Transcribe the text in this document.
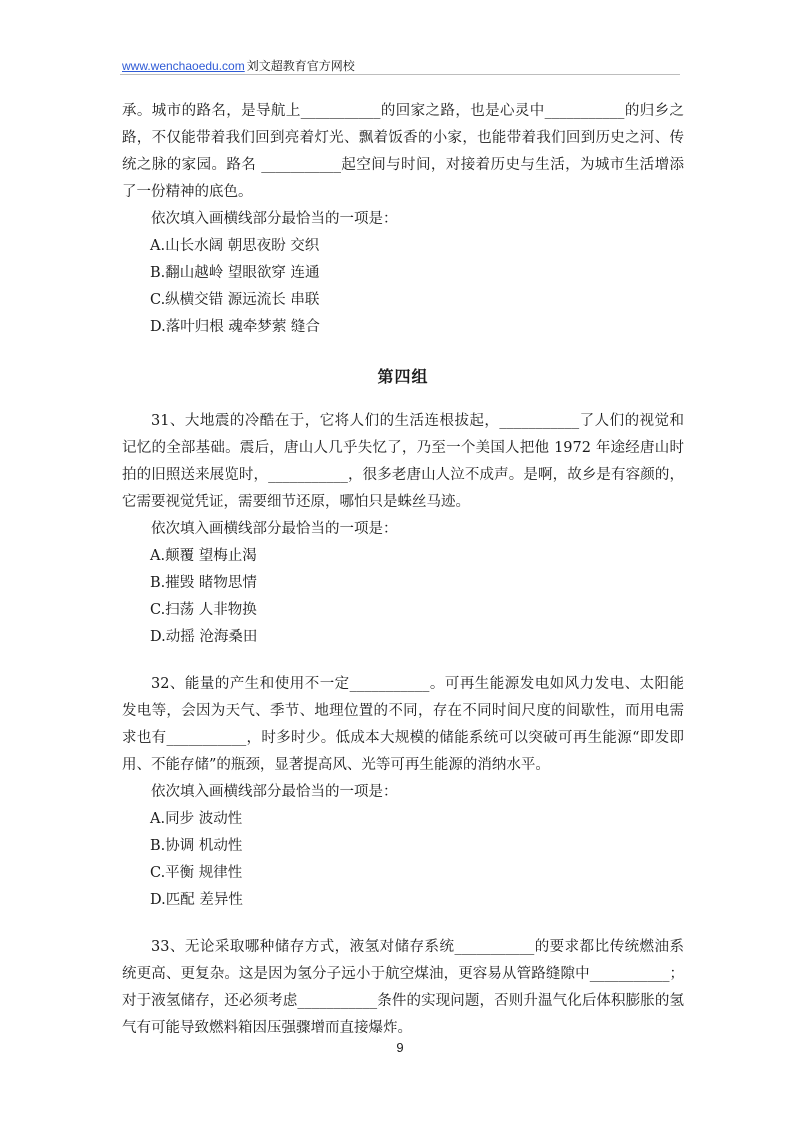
www.wenchaoedu.com 刘文超教育官方网校

承。城市的路名，是导航上___________的回家之路，也是心灵中___________的归乡之路，不仅能带着我们回到亮着灯光、飘着饭香的小家，也能带着我们回到历史之河、传统之脉的家园。路名 ___________起空间与时间，对接着历史与生活，为城市生活增添了一份精神的底色。

依次填入画横线部分最恰当的一项是：

A.山长水阔 朝思夜盼 交织

B.翻山越岭 望眼欲穿 连通

C.纵横交错 源远流长 串联

D.落叶归根 魂牵梦萦 缝合

第四组

31、大地震的冷酷在于，它将人们的生活连根拔起，___________了人们的视觉和记忆的全部基础。震后，唐山人几乎失忆了，乃至一个美国人把他 1972 年途经唐山时拍的旧照送来展览时，___________，很多老唐山人泣不成声。是啊，故乡是有容颜的，它需要视觉凭证，需要细节还原，哪怕只是蛛丝马迹。

依次填入画横线部分最恰当的一项是：

A.颠覆 望梅止渴

B.摧毁 睹物思情

C.扫荡 人非物换

D.动摇 沧海桑田

32、能量的产生和使用不一定___________。可再生能源发电如风力发电、太阳能发电等，会因为天气、季节、地理位置的不同，存在不同时间尺度的间歇性，而用电需求也有___________，时多时少。低成本大规模的储能系统可以突破可再生能源“即发即用、不能存储”的瓶颈，显著提高风、光等可再生能源的消纳水平。

依次填入画横线部分最恰当的一项是：

A.同步 波动性

B.协调 机动性

C.平衡 规律性

D.匹配 差异性

33、无论采取哪种储存方式，液氢对储存系统___________的要求都比传统燃油系统更高、更复杂。这是因为氢分子远小于航空煤油，更容易从管路缝隙中___________；对于液氢储存，还必须考虑___________条件的实现问题，否则升温气化后体积膨胀的氢气有可能导致燃料箱因压强骤增而直接爆炸。

9
